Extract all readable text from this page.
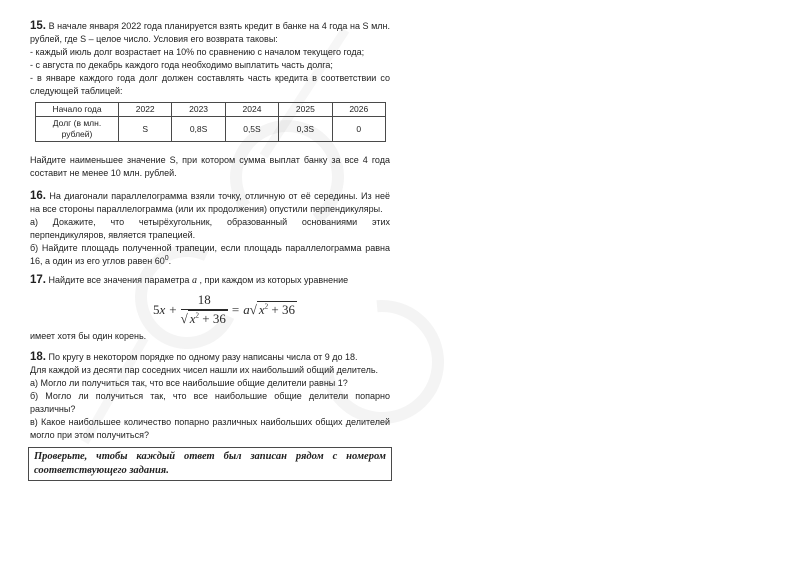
15. В начале января 2022 года планируется взять кредит в банке на 4 года на S млн. рублей, где S – целое число. Условия его возврата таковы:

- каждый июль долг возрастает на 10% по сравнению с началом текущего года;

- с августа по декабрь каждого года необходимо выплатить часть долга;

- в январе каждого года долг должен составлять часть кредита в соответствии со следующей таблицей:

Начало года	2022	2023	2024	2025	2026
Долг (в млн. рублей)	S	0,8S	0,5S	0,3S	0

Найдите наименьшее значение S, при котором сумма выплат банку за все 4 года составит не менее 10 млн. рублей.

16. На диагонали параллелограмма взяли точку, отличную от её середины. Из неё на все стороны параллелограмма (или их продолжения) опустили перпендикуляры.

а) Докажите, что четырёхугольник, образованный основаниями этих перпендикуляров, является трапецией.

б) Найдите площадь полученной трапеции, если площадь параллелограмма равна 16, а один из его углов равен $60^0$.

17. Найдите все значения параметра a , при каждом из которых уравнение

$5x + \frac{18}{√ x^2 + 36} = a√$ $x^2 + 36$

имеет хотя бы один корень.

18. По кругу в некотором порядке по одному разу написаны числа от 9 до 18.

Для каждой из десяти пар соседних чисел нашли их наибольший общий делитель.

а) Могло ли получиться так, что все наибольшие общие делители равны 1?

б) Могло ли получиться так, что все наибольшие общие делители попарно различны?

в) Какое наибольшее количество попарно различных наибольших общих делителей могло при этом получиться?

Проверьте, чтобы каждый ответ был записан рядом с номером соответствующего задания.
